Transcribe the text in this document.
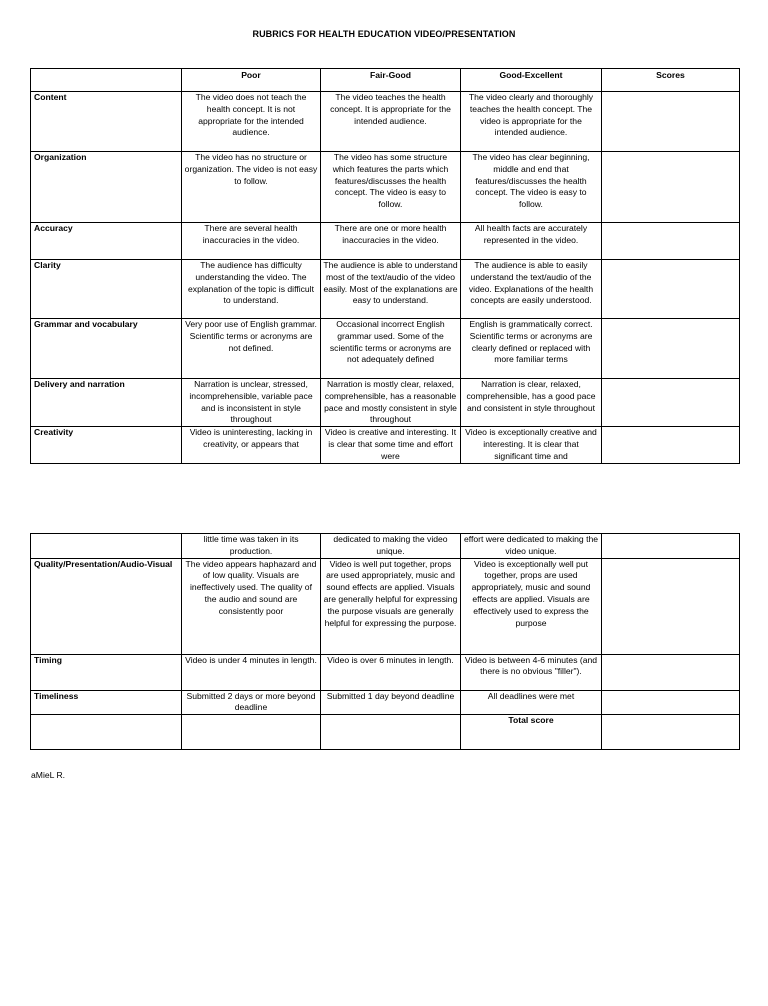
RUBRICS FOR HEALTH EDUCATION VIDEO/PRESENTATION
	Poor	Fair-Good	Good-Excellent	Scores
Content	The video does not teach the health concept. It is not appropriate for the intended audience.	The video teaches the health concept. It is appropriate for the intended audience.	The video clearly and thoroughly teaches the health concept. The video is appropriate for the intended audience.	
Organization	The video has no structure or organization. The video is not easy to follow.	The video has some structure which features the parts which features/discusses the health concept. The video is easy to follow.	The video has clear beginning, middle and end that features/discusses the health concept. The video is easy to follow.	
Accuracy	There are several health inaccuracies in the video.	There are one or more health inaccuracies in the video.	All health facts are accurately represented in the video.	
Clarity	The audience has difficulty understanding the video. The explanation of the topic is difficult to understand.	The audience is able to understand most of the text/audio of the video easily. Most of the explanations are easy to understand.	The audience is able to easily understand the text/audio of the video. Explanations of the health concepts are easily understood.	
Grammar and vocabulary	Very poor use of English grammar. Scientific terms or acronyms are not defined.	Occasional incorrect English grammar used. Some of the scientific terms or acronyms are not adequately defined	English is grammatically correct. Scientific terms or acronyms are clearly defined or replaced with more familiar terms	
Delivery and narration	Narration is unclear, stressed, incomprehensible, variable pace and is inconsistent in style throughout	Narration is mostly clear, relaxed, comprehensible, has a reasonable pace and mostly consistent in style throughout	Narration is clear, relaxed, comprehensible, has a good pace and consistent in style throughout	
Creativity	Video is uninteresting, lacking in creativity, or appears that	Video is creative and interesting. It is clear that some time and effort were	Video is exceptionally creative and interesting. It is clear that significant time and	
	little time was taken in its production.	dedicated to making the video unique.	effort were dedicated to making the video unique.	
Quality/Presentation/Audio-Visual	The video appears haphazard and of low quality. Visuals are ineffectively used. The quality of the audio and sound are consistently poor	Video is well put together, props are used appropriately, music and sound effects are applied. Visuals are generally helpful for expressing the purpose visuals are generally helpful for expressing the purpose.	Video is exceptionally well put together, props are used appropriately, music and sound effects are applied. Visuals are effectively used to express the purpose	
Timing	Video is under 4 minutes in length.	Video is over 6 minutes in length.	Video is between 4-6 minutes (and there is no obvious "filler").	
Timeliness	Submitted 2 days or more beyond deadline	Submitted 1 day beyond deadline	All deadlines were met	
			Total score	
aMieL R.
